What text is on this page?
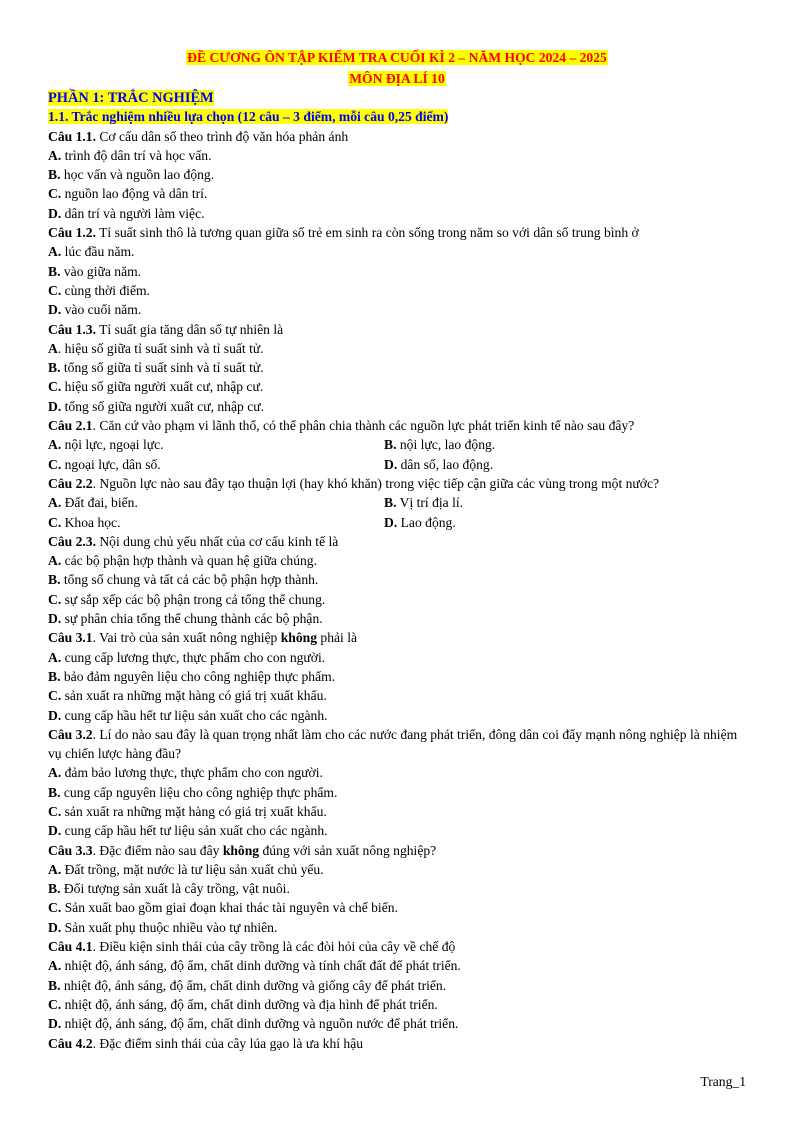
ĐỀ CƯƠNG ÔN TẬP KIỂM TRA CUỐI KÌ 2 – NĂM HỌC 2024 – 2025
MÔN ĐỊA LÍ 10
PHẦN 1: TRẮC NGHIỆM
1.1. Trắc nghiệm nhiều lựa chọn (12 câu – 3 điểm, mỗi câu 0,25 điểm)
Câu 1.1. Cơ cấu dân số theo trình độ văn hóa phản ánh
A. trình độ dân trí và học vấn.
B. học vấn và nguồn lao động.
C. nguồn lao động và dân trí.
D. dân trí và người làm việc.
Câu 1.2. Tỉ suất sinh thô là tương quan giữa số trẻ em sinh ra còn sống trong năm so với dân số trung bình ở
A. lúc đầu năm.
B. vào giữa năm.
C. cùng thời điểm.
D. vào cuối năm.
Câu 1.3. Tỉ suất gia tăng dân số tự nhiên là
A. hiệu số giữa tỉ suất sinh và tỉ suất tử.
B. tổng số giữa tỉ suất sinh và tỉ suất tử.
C. hiệu số giữa người xuất cư, nhập cư.
D. tổng số giữa người xuất cư, nhập cư.
Câu 2.1. Căn cứ vào phạm vi lãnh thổ, có thể phân chia thành các nguồn lực phát triển kinh tế nào sau đây?
A. nội lực, ngoại lực.	B. nội lực, lao động.
C. ngoại lực, dân số.	D. dân số, lao động.
Câu 2.2. Nguồn lực nào sau đây tạo thuận lợi (hay khó khăn) trong việc tiếp cận giữa các vùng trong một nước?
A. Đất đai, biển.	B. Vị trí địa lí.
C. Khoa học.	D. Lao động.
Câu 2.3. Nội dung chủ yếu nhất của cơ cấu kinh tế là
A. các bộ phận hợp thành và quan hệ giữa chúng.
B. tổng số chung và tất cả các bộ phận hợp thành.
C. sự sắp xếp các bộ phận trong cả tổng thể chung.
D. sự phân chia tổng thể chung thành các bộ phận.
Câu 3.1. Vai trò của sản xuất nông nghiệp không phải là
A. cung cấp lương thực, thực phẩm cho con người.
B. bảo đảm nguyên liệu cho công nghiệp thực phẩm.
C. sản xuất ra những mặt hàng có giá trị xuất khẩu.
D. cung cấp hầu hết tư liệu sản xuất cho các ngành.
Câu 3.2. Lí do nào sau đây là quan trọng nhất làm cho các nước đang phát triển, đông dân coi đẩy mạnh nông nghiệp là nhiệm vụ chiến lược hàng đầu?
A. đảm bảo lương thực, thực phẩm cho con người.
B. cung cấp nguyên liệu cho công nghiệp thực phẩm.
C. sản xuất ra những mặt hàng có giá trị xuất khẩu.
D. cung cấp hầu hết tư liệu sản xuất cho các ngành.
Câu 3.3. Đặc điểm nào sau đây không đúng với sản xuất nông nghiệp?
A. Đất trồng, mặt nước là tư liệu sản xuất chủ yếu.
B. Đối tượng sản xuất là cây trồng, vật nuôi.
C. Sản xuất bao gồm giai đoạn khai thác tài nguyên và chế biến.
D. Sản xuất phụ thuộc nhiều vào tự nhiên.
Câu 4.1. Điều kiện sinh thái của cây trồng là các đòi hỏi của cây về chế độ
A. nhiệt độ, ánh sáng, độ ẩm, chất dinh dưỡng và tính chất đất để phát triển.
B. nhiệt độ, ánh sáng, độ ẩm, chất dinh dưỡng và giống cây để phát triển.
C. nhiệt độ, ánh sáng, độ ẩm, chất dinh dưỡng và địa hình để phát triển.
D. nhiệt độ, ánh sáng, độ ẩm, chất dinh dưỡng và nguồn nước để phát triển.
Câu 4.2. Đặc điểm sinh thái của cây lúa gạo là ưa khí hậu
Trang_1
